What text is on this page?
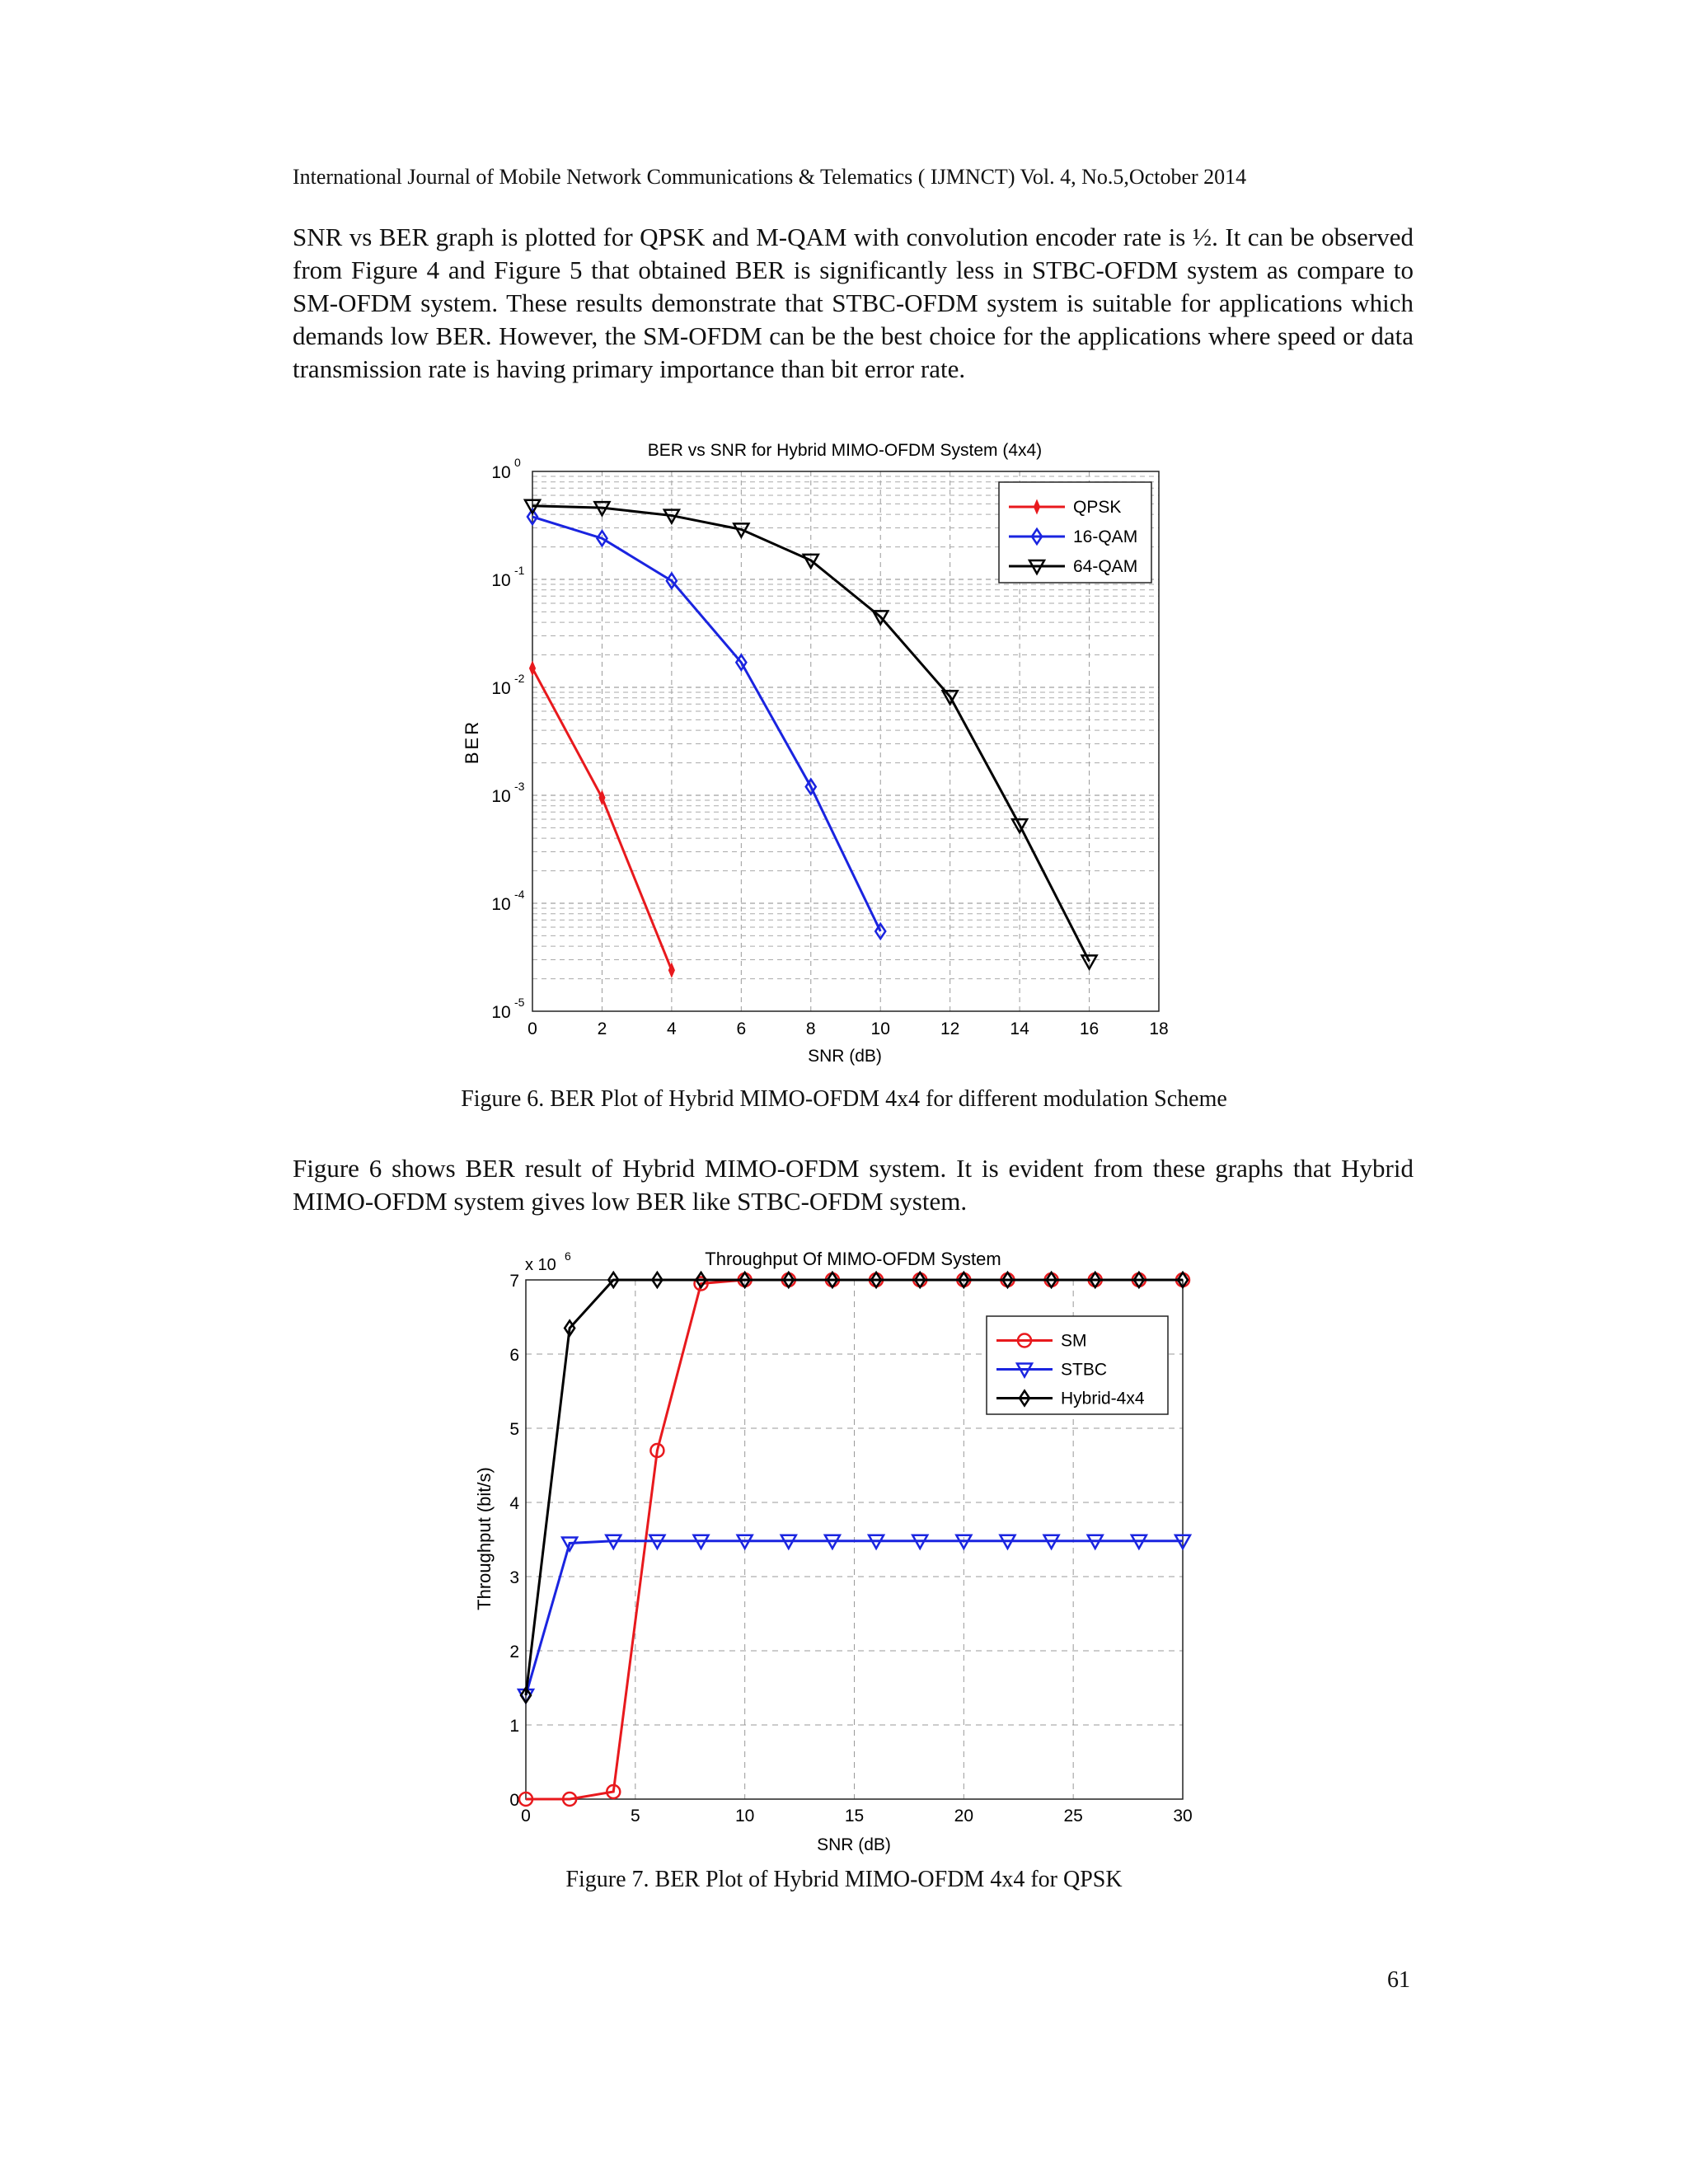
International Journal of Mobile Network Communications & Telematics ( IJMNCT) Vol. 4, No.5,October 2014
SNR vs BER graph is plotted for QPSK and M-QAM with convolution encoder rate is ½. It can be observed from Figure 4 and Figure 5 that obtained BER is significantly less in STBC-OFDM system as compare to SM-OFDM system. These results demonstrate that STBC-OFDM system is suitable for applications which demands low BER. However, the SM-OFDM can be the best choice for the applications where speed or data transmission rate is having primary importance than bit error rate.
BER vs SNR for Hybrid MIMO-OFDM System (4x4)
0	2	4	6	8	10	12	14	16	18
10
-5
10
-4
10
-3
10
-2
10
-1
10
0
SNR (dB)
BER
QPSK
16-QAM
64-QAM
Figure 6. BER Plot of Hybrid MIMO-OFDM 4x4 for different modulation Scheme
Figure 6 shows BER result of Hybrid MIMO-OFDM system. It is evident from these graphs that Hybrid MIMO-OFDM system gives low BER like STBC-OFDM system.
Throughput Of MIMO-OFDM System
x 10 6
0	5	10	15	20	25	30
0
1
2
3
4
5
6
7
SNR (dB)
Throughput (bit/s)
SM
STBC
Hybrid-4x4
Figure 7. BER Plot of Hybrid MIMO-OFDM 4x4 for QPSK
61
